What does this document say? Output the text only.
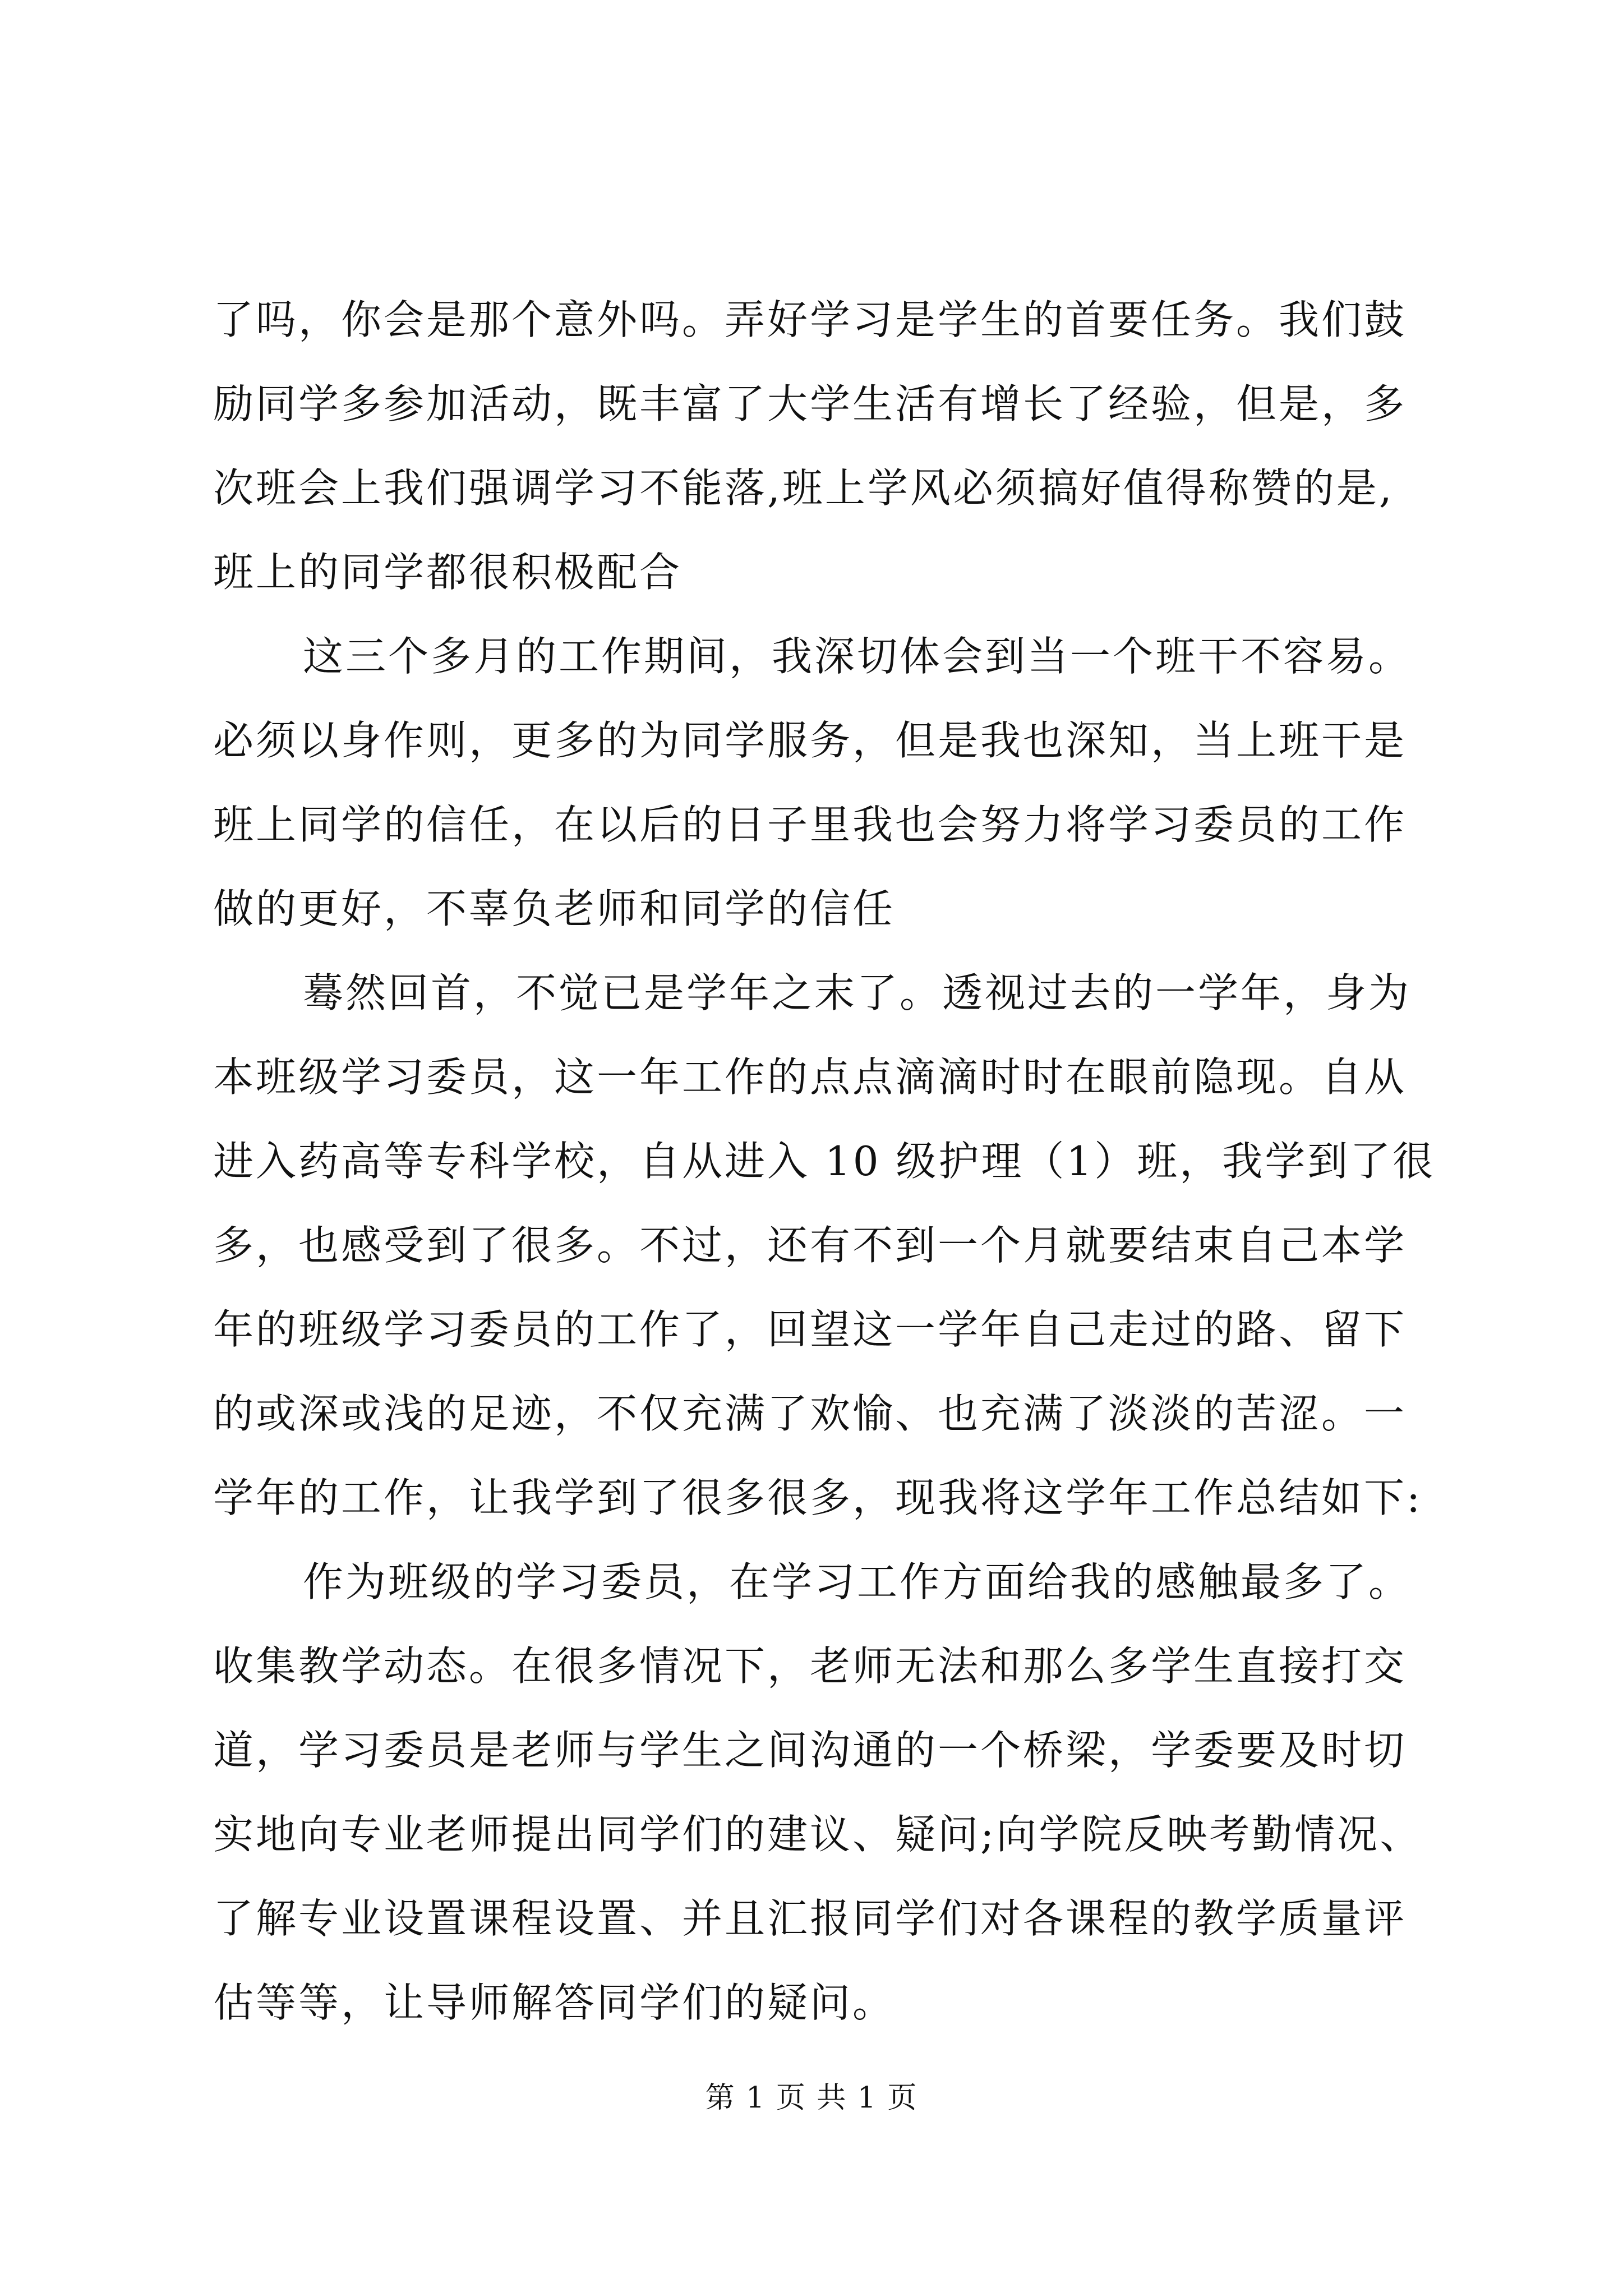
了吗，你会是那个意外吗。弄好学习是学生的首要任务。我们鼓
励同学多参加活动，既丰富了大学生活有增长了经验，但是，多
次班会上我们强调学习不能落,班上学风必须搞好值得称赞的是,
班上的同学都很积极配合
这三个多月的工作期间，我深切体会到当一个班干不容易。
必须以身作则，更多的为同学服务，但是我也深知，当上班干是
班上同学的信任，在以后的日子里我也会努力将学习委员的工作
做的更好，不辜负老师和同学的信任
蓦然回首，不觉已是学年之末了。透视过去的一学年，身为
本班级学习委员，这一年工作的点点滴滴时时在眼前隐现。自从
进入药高等专科学校，自从进入 10 级护理（1）班，我学到了很
多，也感受到了很多。不过，还有不到一个月就要结束自己本学
年的班级学习委员的工作了，回望这一学年自己走过的路、留下
的或深或浅的足迹，不仅充满了欢愉、也充满了淡淡的苦涩。一
学年的工作，让我学到了很多很多，现我将这学年工作总结如下:
作为班级的学习委员，在学习工作方面给我的感触最多了。
收集教学动态。在很多情况下，老师无法和那么多学生直接打交
道，学习委员是老师与学生之间沟通的一个桥梁，学委要及时切
实地向专业老师提出同学们的建议、疑问;向学院反映考勤情况、
了解专业设置课程设置、并且汇报同学们对各课程的教学质量评
估等等，让导师解答同学们的疑问。
第 1 页 共 1 页
